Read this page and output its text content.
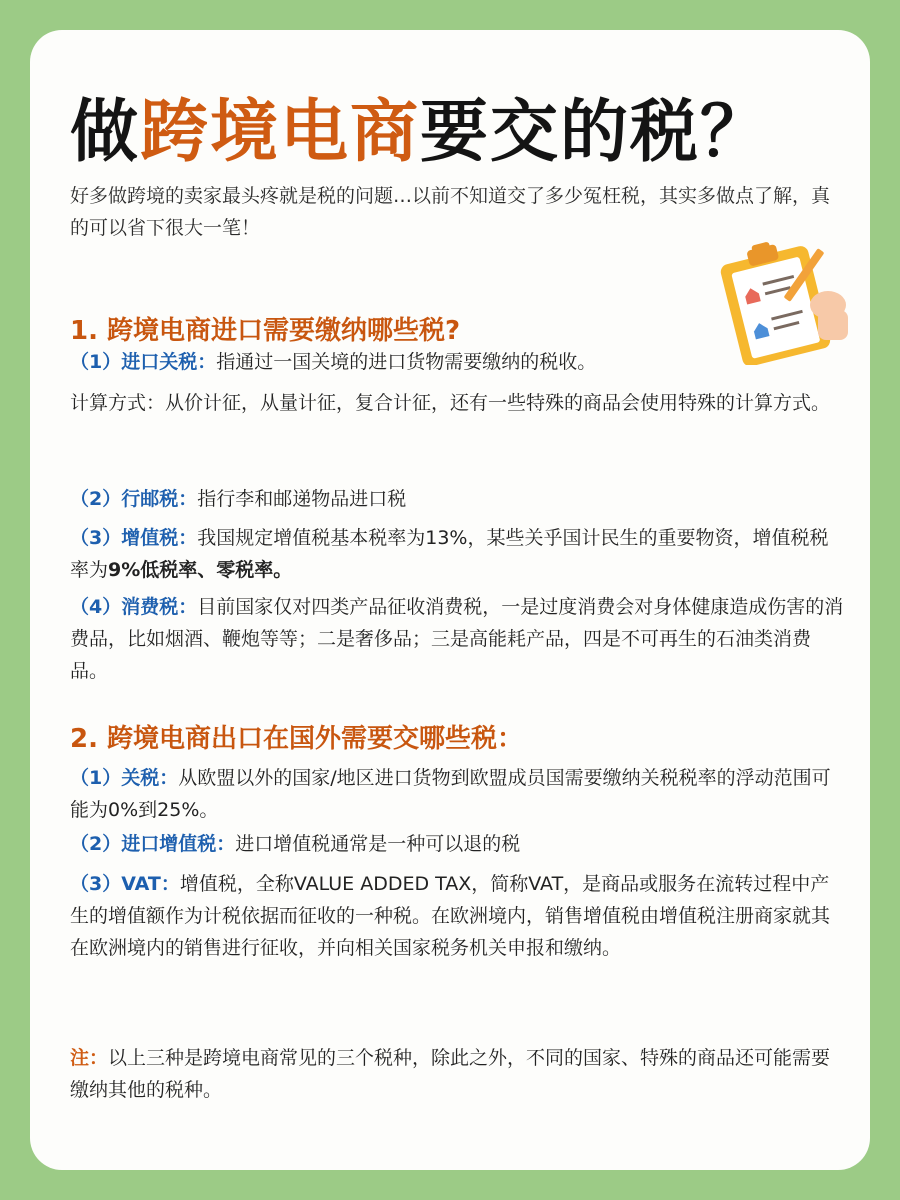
做跨境电商要交的税？
好多做跨境的卖家最头疼就是税的问题…以前不知道交了多少冤枉税，其实多做点了解，真的可以省下很大一笔！
1. 跨境电商进口需要缴纳哪些税?
（1）进口关税：指通过一国关境的进口货物需要缴纳的税收。
计算方式：从价计征，从量计征，复合计征，还有一些特殊的商品会使用特殊的计算方式。
（2）行邮税：指行李和邮递物品进口税
（3）增值税：我国规定增值税基本税率为13%，某些关乎国计民生的重要物资，增值税税率为9%低税率、零税率。
（4）消费税：目前国家仅对四类产品征收消费税，一是过度消费会对身体健康造成伤害的消费品，比如烟酒、鞭炮等等；二是奢侈品；三是高能耗产品，四是不可再生的石油类消费品。
2. 跨境电商出口在国外需要交哪些税：
（1）关税：从欧盟以外的国家/地区进口货物到欧盟成员国需要缴纳关税税率的浮动范围可能为0%到25%。
（2）进口增值税：进口增值税通常是一种可以退的税
（3）VAT：增值税，全称VALUE ADDED TAX，简称VAT，是商品或服务在流转过程中产生的增值额作为计税依据而征收的一种税。在欧洲境内，销售增值税由增值税注册商家就其在欧洲境内的销售进行征收，并向相关国家税务机关申报和缴纳。
注：以上三种是跨境电商常见的三个税种，除此之外，不同的国家、特殊的商品还可能需要缴纳其他的税种。
